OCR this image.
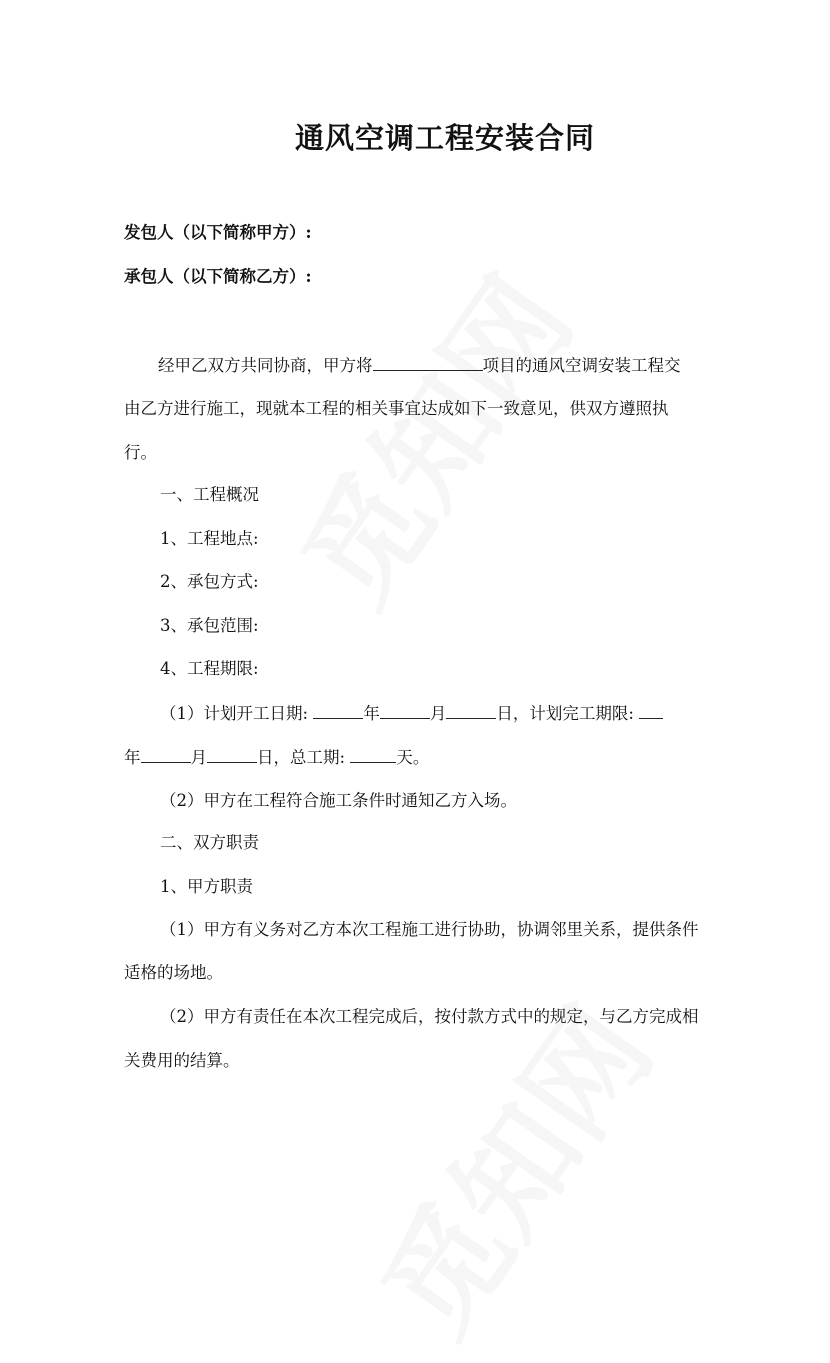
通风空调工程安装合同
发包人（以下简称甲方）:
承包人（以下简称乙方）:
经甲乙双方共同协商，甲方将	项目的通风空调安装工程交
由乙方进行施工，现就本工程的相关事宜达成如下一致意见，供双方遵照执
行。
一、工程概况
1、工程地点:
2、承包方式:
3、承包范围:
4、工程期限:
（1）计划开工日期:	年	月	日，计划完工期限:
年	月	日，总工期:	天。
（2）甲方在工程符合施工条件时通知乙方入场。
二、双方职责
1、甲方职责
（1）甲方有义务对乙方本次工程施工进行协助，协调邻里关系，提供条件
适格的场地。
（2）甲方有责任在本次工程完成后，按付款方式中的规定，与乙方完成相
关费用的结算。
